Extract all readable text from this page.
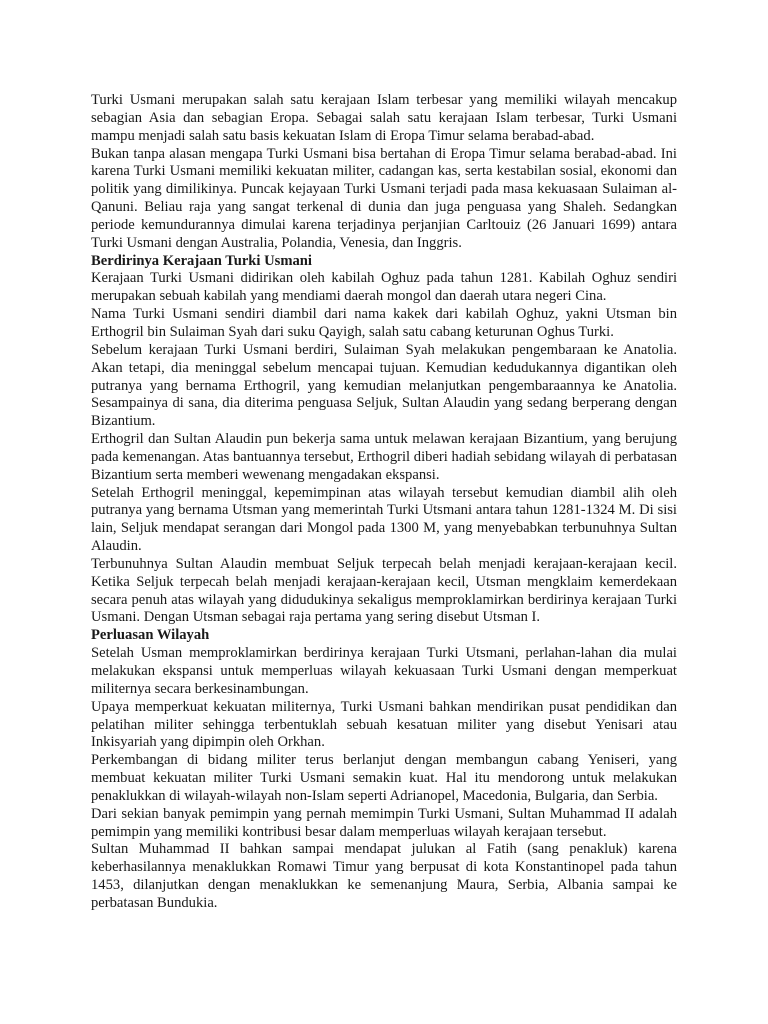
Turki Usmani merupakan salah satu kerajaan Islam terbesar yang memiliki wilayah mencakup sebagian Asia dan sebagian Eropa. Sebagai salah satu kerajaan Islam terbesar, Turki Usmani mampu menjadi salah satu basis kekuatan Islam di Eropa Timur selama berabad-abad.

Bukan tanpa alasan mengapa Turki Usmani bisa bertahan di Eropa Timur selama berabad-abad. Ini karena Turki Usmani memiliki kekuatan militer, cadangan kas, serta kestabilan sosial, ekonomi dan politik yang dimilikinya. Puncak kejayaan Turki Usmani terjadi pada masa kekuasaan Sulaiman al-Qanuni. Beliau raja yang sangat terkenal di dunia dan juga penguasa yang Shaleh. Sedangkan periode kemundurannya dimulai karena terjadinya perjanjian Carltouiz (26 Januari 1699) antara Turki Usmani dengan Australia, Polandia, Venesia, dan Inggris.

Berdirinya Kerajaan Turki Usmani

Kerajaan Turki Usmani didirikan oleh kabilah Oghuz pada tahun 1281. Kabilah Oghuz sendiri merupakan sebuah kabilah yang mendiami daerah mongol dan daerah utara negeri Cina.

Nama Turki Usmani sendiri diambil dari nama kakek dari kabilah Oghuz, yakni Utsman bin Erthogril bin Sulaiman Syah dari suku Qayigh, salah satu cabang keturunan Oghus Turki.

Sebelum kerajaan Turki Usmani berdiri, Sulaiman Syah melakukan pengembaraan ke Anatolia. Akan tetapi, dia meninggal sebelum mencapai tujuan. Kemudian kedudukannya digantikan oleh putranya yang bernama Erthogril, yang kemudian melanjutkan pengembaraannya ke Anatolia. Sesampainya di sana, dia diterima penguasa Seljuk, Sultan Alaudin yang sedang berperang dengan Bizantium.

Erthogril dan Sultan Alaudin pun bekerja sama untuk melawan kerajaan Bizantium, yang berujung pada kemenangan. Atas bantuannya tersebut, Erthogril diberi hadiah sebidang wilayah di perbatasan Bizantium serta memberi wewenang mengadakan ekspansi.

Setelah Erthogril meninggal, kepemimpinan atas wilayah tersebut kemudian diambil alih oleh putranya yang bernama Utsman yang memerintah Turki Utsmani antara tahun 1281-1324 M. Di sisi lain, Seljuk mendapat serangan dari Mongol pada 1300 M, yang menyebabkan terbunuhnya Sultan Alaudin.

Terbunuhnya Sultan Alaudin membuat Seljuk terpecah belah menjadi kerajaan-kerajaan kecil. Ketika Seljuk terpecah belah menjadi kerajaan-kerajaan kecil, Utsman mengklaim kemerdekaan secara penuh atas wilayah yang didudukinya sekaligus memproklamirkan berdirinya kerajaan Turki Usmani. Dengan Utsman sebagai raja pertama yang sering disebut Utsman I.

Perluasan Wilayah

Setelah Usman memproklamirkan berdirinya kerajaan Turki Utsmani, perlahan-lahan dia mulai melakukan ekspansi untuk memperluas wilayah kekuasaan Turki Usmani dengan memperkuat militernya secara berkesinambungan.

Upaya memperkuat kekuatan militernya, Turki Usmani bahkan mendirikan pusat pendidikan dan pelatihan militer sehingga terbentuklah sebuah kesatuan militer yang disebut Yenisari atau Inkisyariah yang dipimpin oleh Orkhan.

Perkembangan di bidang militer terus berlanjut dengan membangun cabang Yeniseri, yang membuat kekuatan militer Turki Usmani semakin kuat. Hal itu mendorong untuk melakukan penaklukkan di wilayah-wilayah non-Islam seperti Adrianopel, Macedonia, Bulgaria, dan Serbia.

Dari sekian banyak pemimpin yang pernah memimpin Turki Usmani, Sultan Muhammad II adalah pemimpin yang memiliki kontribusi besar dalam memperluas wilayah kerajaan tersebut.

Sultan Muhammad II bahkan sampai mendapat julukan al Fatih (sang penakluk) karena keberhasilannya menaklukkan Romawi Timur yang berpusat di kota Konstantinopel pada tahun 1453, dilanjutkan dengan menaklukkan ke semenanjung Maura, Serbia, Albania sampai ke perbatasan Bundukia.
